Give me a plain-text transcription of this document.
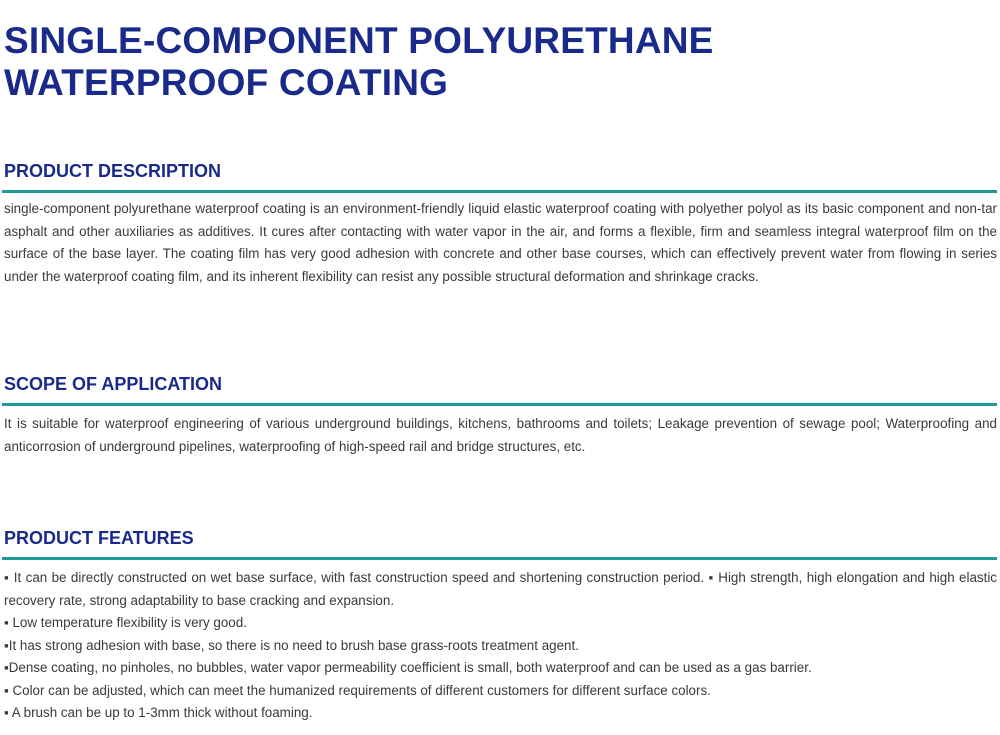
SINGLE-COMPONENT POLYURETHANE
WATERPROOF COATING
PRODUCT DESCRIPTION

single-component polyurethane waterproof coating is an environment-friendly liquid elastic waterproof coating with polyether polyol as its basic component and non-tar asphalt and other auxiliaries as additives. It cures after contacting with water vapor in the air, and forms a flexible, firm and seamless integral waterproof film on the surface of the base layer. The coating film has very good adhesion with concrete and other base courses, which can effectively prevent water from flowing in series under the waterproof coating film, and its inherent flexibility can resist any possible structural deformation and shrinkage cracks.

SCOPE OF APPLICATION

It is suitable for waterproof engineering of various underground buildings, kitchens, bathrooms and toilets; Leakage prevention of sewage pool; Waterproofing and anticorrosion of underground pipelines, waterproofing of high-speed rail and bridge structures, etc.

PRODUCT FEATURES
▪ It can be directly constructed on wet base surface, with fast construction speed and shortening construction period. ▪ High strength, high elongation and high elastic recovery rate, strong adaptability to base cracking and expansion.
▪ Low temperature flexibility is very good.
▪It has strong adhesion with base, so there is no need to brush base grass-roots treatment agent.
▪Dense coating, no pinholes, no bubbles, water vapor permeability coefficient is small, both waterproof and can be used as a gas barrier.
▪ Color can be adjusted, which can meet the humanized requirements of different customers for different surface colors.
▪ A brush can be up to 1-3mm thick without foaming.
